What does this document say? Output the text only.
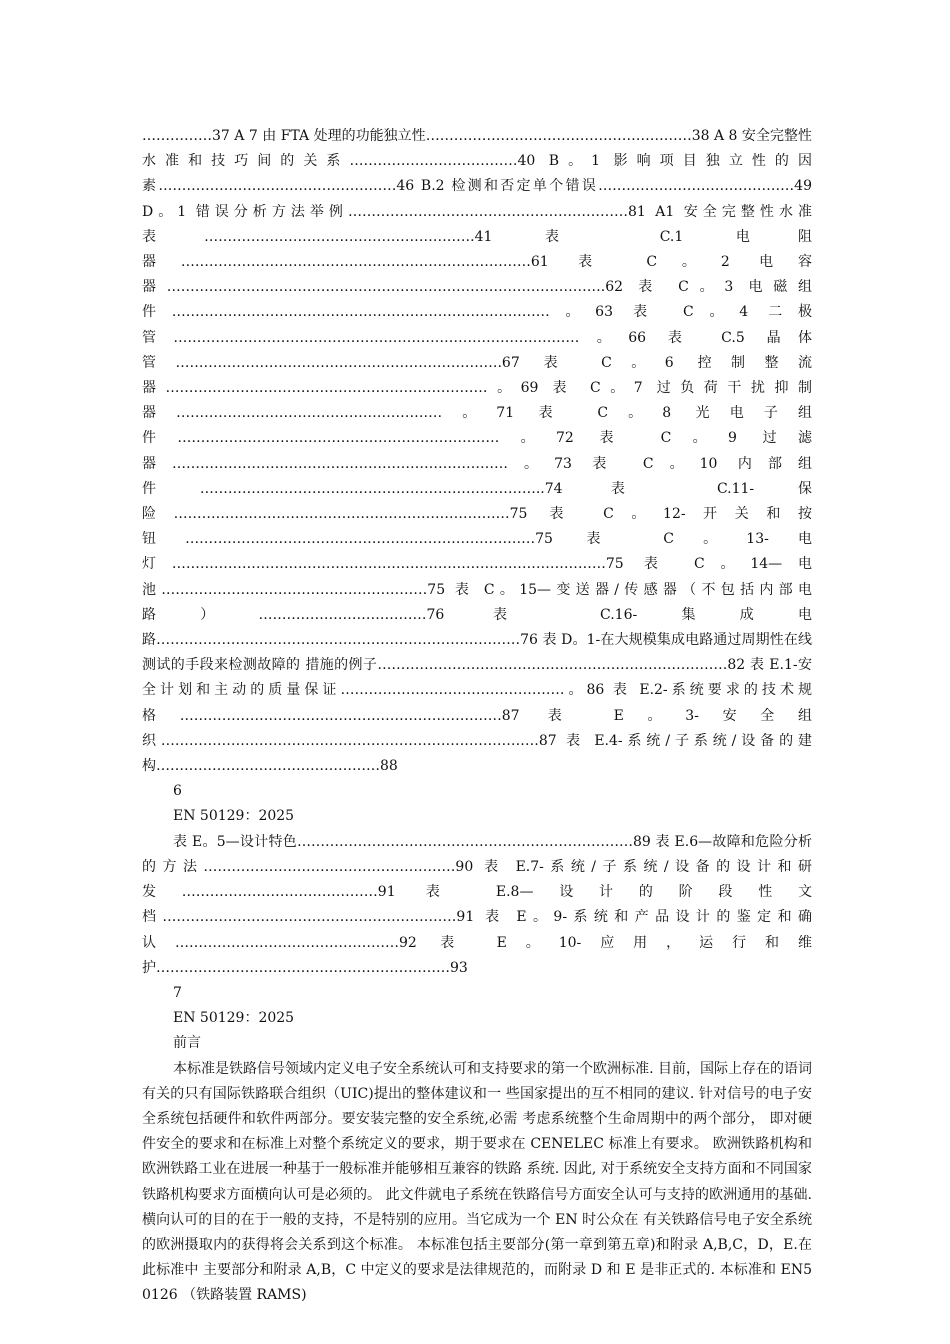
……………37 A 7 由 FTA 处理的功能独立性…………………………………………………38 A 8 安全完整性水准和技巧间的关系………………………………40 B。1 影响项目独立性的因素……………………………………………46 B.2 检测和否定单个错误……………………………………49 D。1 错误分析方法举例……………………………………………………81 A1 安全完整性水准表………………………………………………….41 表 C.1 电阻器…………………………………………………………………61 表 C。2 电容器………………………………………………………………………………….62 表 C。3 电磁组件………………………………………………………………………。63 表 C。4 二极管……………………………………………………………………………。66 表 C.5 晶体管…………………………………………………………….67 表 C。6 控制整流器……………………………………………………………。69 表 C。7 过负荷干扰抑制器…………………………………………………。71 表 C。8 光电子组件……………………………………………………………。72 表 C。9 过滤器………………………………………………………………。73 表 C。10 内部组件………………………………………………………………..74 表 C.11-保险………………………………………………………………75 表 C。12-开关和按钮…………………………………………………………………75 表 C。13-电灯…………………………………………………………………………………75 表 C。14—电池…………………………………………………75 表 C。15—变送器/传感器（不包括内部电路）………………………………76 表 C.16-集成电路……………………………………………………………………76 表 D。1-在大规模集成电路通过周期性在线测试的手段来检测故障的 措施的例子…………………………………………………………………82 表 E.1-安全计划和主动的质量保证…………………………………………。86 表 E.2-系统要求的技术规格……………………………………………………………87 表 E。3-安全组织………………………………………………………………………87 表 E.4-系统/子系统/设备的建构…………………………………………88

6

EN 50129：2025

表 E。5—设计特色………………………………………………………………89 表 E.6—故障和危险分析的方法………………………………………………90 表 E.7-系统/子系统/设备的设计和研发……………………………………91 表 E.8—设计的阶段性文档………………………………………………………91 表 E。9-系统和产品设计的鉴定和确认…………………………………………92 表 E。10-应用，运行和维护………………………………………………………93

7

EN 50129：2025

前言

本标准是铁路信号领域内定义电子安全系统认可和支持要求的第一个欧洲标准. 目前，国际上存在的语词有关的只有国际铁路联合组织（UIC)提出的整体建议和一 些国家提出的互不相同的建议. 针对信号的电子安全系统包括硬件和软件两部分。要安装完整的安全系统,必需 考虑系统整个生命周期中的两个部分， 即对硬件安全的要求和在标准上对整个系统定义的要求，期于要求在 CENELEC 标准上有要求。 欧洲铁路机构和欧洲铁路工业在进展一种基于一般标准并能够相互兼容的铁路 系统. 因此, 对于系统安全支持方面和不同国家铁路机构要求方面横向认可是必须的。 此文件就电子系统在铁路信号方面安全认可与支持的欧洲通用的基础. 横向认可的目的在于一般的支持，不是特别的应用。当它成为一个 EN 时公众在 有关铁路信号电子安全系统的欧洲摄取内的获得将会关系到这个标准。 本标准包括主要部分(第一章到第五章)和附录 A,B,C，D，E.在此标准中 主要部分和附录 A,B，C 中定义的要求是法律规范的，而附录 D 和 E 是非正式的. 本标准和 EN50126 （铁路装置 RAMS)
